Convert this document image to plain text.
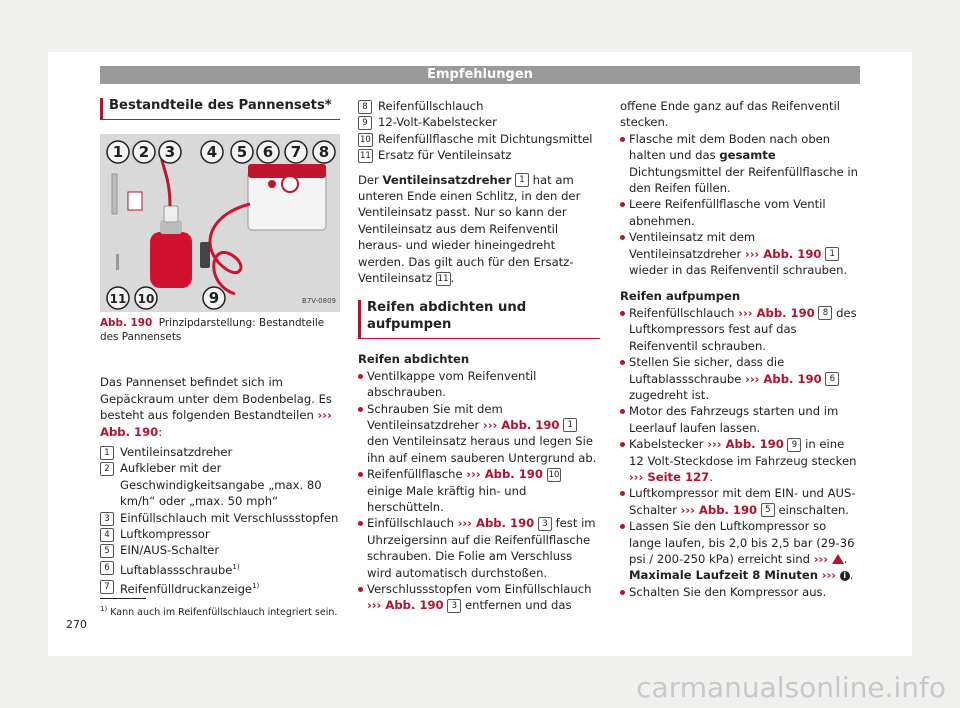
Empfehlungen
Bestandteile des Pannensets*
1 2 3 4 5 6 7 8
9
10
11	B7V-0809
Abb. 190 Prinzipdarstellung: Bestandteile des Pannensets

Das Pannenset befindet sich im Gepäckraum unter dem Bodenbelag. Es besteht aus folgenden Bestandteilen ››› Abb. 190:

1 Ventileinsatzdreher
2 Aufkleber mit der Geschwindigkeitsangabe „max. 80 km/h“ oder „max. 50 mph“
3 Einfüllschlauch mit Verschlussstopfen
4 Luftkompressor
5 EIN/AUS-Schalter
6 Luftablassschraube$^{1)}$
7 Reifenfülldruckanzeige$^{1)}$
8 Reifenfüllschlauch
9 12-Volt-Kabelstecker
10 Reifenfüllflasche mit Dichtungsmittel
11 Ersatz für Ventileinsatz

Der Ventileinsatzdreher 1 hat am unteren Ende einen Schlitz, in den der Ventileinsatz passt. Nur so kann der Ventileinsatz aus dem Reifenventil heraus- und wieder hineingedreht werden. Das gilt auch für den Ersatz-Ventileinsatz 11 .

Reifen abdichten und aufpumpen

Reifen abdichten

Ventilkappe vom Reifenventil abschrauben.

Schrauben Sie mit dem Ventileinsatzdreher ››› Abb. 190 1 den Ventileinsatz heraus und legen Sie ihn auf einem sauberen Untergrund ab.

Reifenfüllflasche ››› Abb. 190 10 einige Male kräftig hin- und herschütteln.

Einfüllschlauch ››› Abb. 190 3 fest im Uhrzeigersinn auf die Reifenfüllflasche schrauben. Die Folie am Verschluss wird automatisch durchstoßen.

Verschlussstopfen vom Einfüllschlauch ››› Abb. 190 3 entfernen und das

offene Ende ganz auf das Reifenventil stecken.

Flasche mit dem Boden nach oben halten und das gesamte Dichtungsmittel der Reifenfüllflasche in den Reifen füllen.

Leere Reifenfüllflasche vom Ventil abnehmen.

Ventileinsatz mit dem Ventileinsatzdreher ››› Abb. 190 1 wieder in das Reifenventil schrauben.

Reifen aufpumpen

Reifenfüllschlauch ››› Abb. 190 8 des Luftkompressors fest auf das Reifenventil schrauben.

Stellen Sie sicher, dass die Luftablassschraube ››› Abb. 190 6 zugedreht ist.

Motor des Fahrzeugs starten und im Leerlauf laufen lassen.

Kabelstecker ››› Abb. 190 9 in eine 12 Volt-Steckdose im Fahrzeug stecken ››› Seite 127.

Luftkompressor mit dem EIN- und AUS-Schalter ››› Abb. 190 5 einschalten.

Lassen Sie den Luftkompressor so lange laufen, bis 2,0 bis 2,5 bar (29-36 psi / 200-250 kPa) erreicht sind ››› . Maximale Laufzeit 8 Minuten ››› i .

Schalten Sie den Kompressor aus.

$^{1)}$ Kann auch im Reifenfüllschlauch integriert sein.
270
carmanualsonline.info
